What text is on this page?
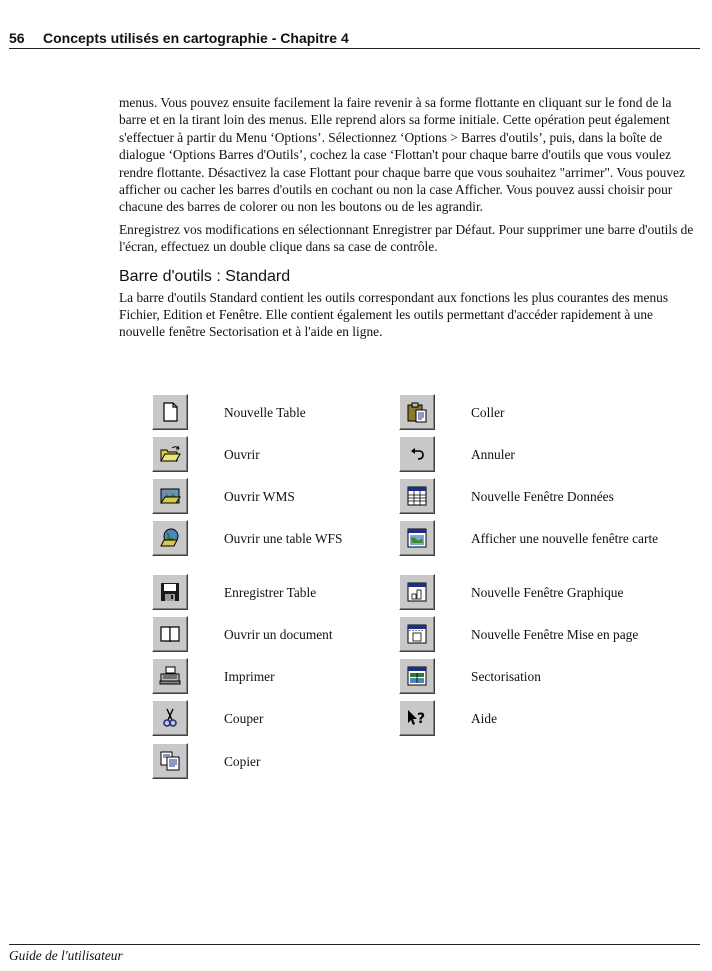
56 Concepts utilisés en cartographie - Chapitre 4

menus. Vous pouvez ensuite facilement la faire revenir à sa forme flottante en cliquant sur le fond de la barre et en la tirant loin des menus. Elle reprend alors sa forme initiale. Cette opération peut également s'effectuer à partir du Menu ‘Options’. Sélectionnez ‘Options > Barres d'outils’, puis, dans la boîte de dialogue ‘Options Barres d'Outils’, cochez la case ‘Flottan't pour chaque barre d'outils que vous voulez rendre flottante. Désactivez la case Flottant pour chaque barre que vous souhaitez "arrimer". Vous pouvez afficher ou cacher les barres d'outils en cochant ou non la case Afficher. Vous pouvez aussi choisir pour chacune des barres de colorer ou non les boutons ou de les agrandir.

Enregistrez vos modifications en sélectionnant Enregistrer par Défaut. Pour supprimer une barre d'outils de l'écran, effectuez un double clique dans sa case de contrôle.

Barre d'outils : Standard

La barre d'outils Standard contient les outils correspondant aux fonctions les plus courantes des menus Fichier, Edition et Fenêtre. Elle contient également les outils permettant d'accéder rapidement à une nouvelle fenêtre Sectorisation et à l'aide en ligne.

Nouvelle Table
Ouvrir
Ouvrir WMS
Ouvrir une table WFS
Enregistrer Table
Ouvrir un document
Imprimer
Couper
Copier
Coller
Annuler
Nouvelle Fenêtre Données
Afficher une nouvelle fenêtre carte
Nouvelle Fenêtre Graphique
Nouvelle Fenêtre Mise en page
Sectorisation
?	Aide
Guide de l'utilisateur
